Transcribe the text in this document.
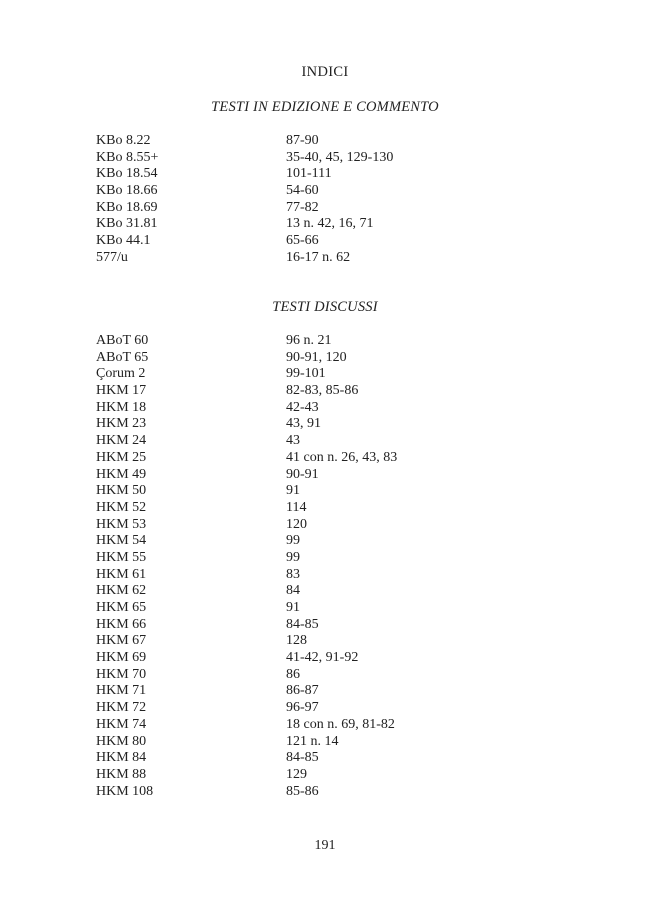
INDICI
TESTI IN EDIZIONE E COMMENTO
KBo 8.22	87-90
KBo 8.55+	35-40, 45, 129-130
KBo 18.54	101-111
KBo 18.66	54-60
KBo 18.69	77-82
KBo 31.81	13 n. 42, 16, 71
KBo 44.1	65-66
577/u	16-17 n. 62
TESTI DISCUSSI
ABoT 60	96 n. 21
ABoT 65	90-91, 120
Çorum 2	99-101
HKM 17	82-83, 85-86
HKM 18	42-43
HKM 23	43, 91
HKM 24	43
HKM 25	41 con n. 26, 43, 83
HKM 49	90-91
HKM 50	91
HKM 52	114
HKM 53	120
HKM 54	99
HKM 55	99
HKM 61	83
HKM 62	84
HKM 65	91
HKM 66	84-85
HKM 67	128
HKM 69	41-42, 91-92
HKM 70	86
HKM 71	86-87
HKM 72	96-97
HKM 74	18 con n. 69, 81-82
HKM 80	121 n. 14
HKM 84	84-85
HKM 88	129
HKM 108	85-86
191
